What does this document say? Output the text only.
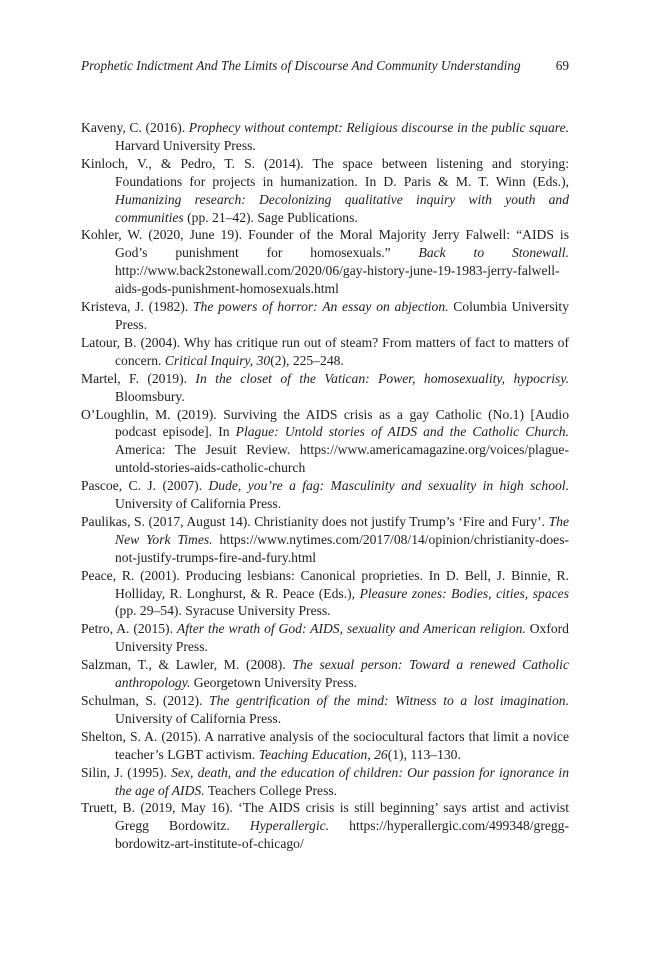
Prophetic Indictment And The Limits of Discourse And Community Understanding	69

Kaveny, C. (2016). Prophecy without contempt: Religious discourse in the public square. Harvard University Press.

Kinloch, V., & Pedro, T. S. (2014). The space between listening and storying: Foundations for projects in humanization. In D. Paris & M. T. Winn (Eds.), Humanizing research: Decolonizing qualitative inquiry with youth and communities (pp. 21–42). Sage Publications.

Kohler, W. (2020, June 19). Founder of the Moral Majority Jerry Falwell: “AIDS is God’s punishment for homosexuals.” Back to Stonewall. http://www.back2stonewall.com/2020/06/gay-history-june-19-1983-jerry-falwell-aids-gods-punishment-homosexuals.html

Kristeva, J. (1982). The powers of horror: An essay on abjection. Columbia University Press.

Latour, B. (2004). Why has critique run out of steam? From matters of fact to matters of concern. Critical Inquiry, 30(2), 225–248.

Martel, F. (2019). In the closet of the Vatican: Power, homosexuality, hypocrisy. Bloomsbury.

O’Loughlin, M. (2019). Surviving the AIDS crisis as a gay Catholic (No.1) [Audio podcast episode]. In Plague: Untold stories of AIDS and the Catholic Church. America: The Jesuit Review. https://www.americamagazine.org/voices/plague-untold-stories-aids-catholic-church

Pascoe, C. J. (2007). Dude, you’re a fag: Masculinity and sexuality in high school. University of California Press.

Paulikas, S. (2017, August 14). Christianity does not justify Trump’s ‘Fire and Fury’. The New York Times. https://www.nytimes.com/2017/08/14/opinion/christianity-does-not-justify-trumps-fire-and-fury.html

Peace, R. (2001). Producing lesbians: Canonical proprieties. In D. Bell, J. Binnie, R. Holliday, R. Longhurst, & R. Peace (Eds.), Pleasure zones: Bodies, cities, spaces (pp. 29–54). Syracuse University Press.

Petro, A. (2015). After the wrath of God: AIDS, sexuality and American religion. Oxford University Press.

Salzman, T., & Lawler, M. (2008). The sexual person: Toward a renewed Catholic anthropology. Georgetown University Press.

Schulman, S. (2012). The gentrification of the mind: Witness to a lost imagination. University of California Press.

Shelton, S. A. (2015). A narrative analysis of the sociocultural factors that limit a novice teacher’s LGBT activism. Teaching Education, 26(1), 113–130.

Silin, J. (1995). Sex, death, and the education of children: Our passion for ignorance in the age of AIDS. Teachers College Press.

Truett, B. (2019, May 16). ‘The AIDS crisis is still beginning’ says artist and activist Gregg Bordowitz. Hyperallergic. https://hyperallergic.com/499348/gregg-bordowitz-art-institute-of-chicago/
